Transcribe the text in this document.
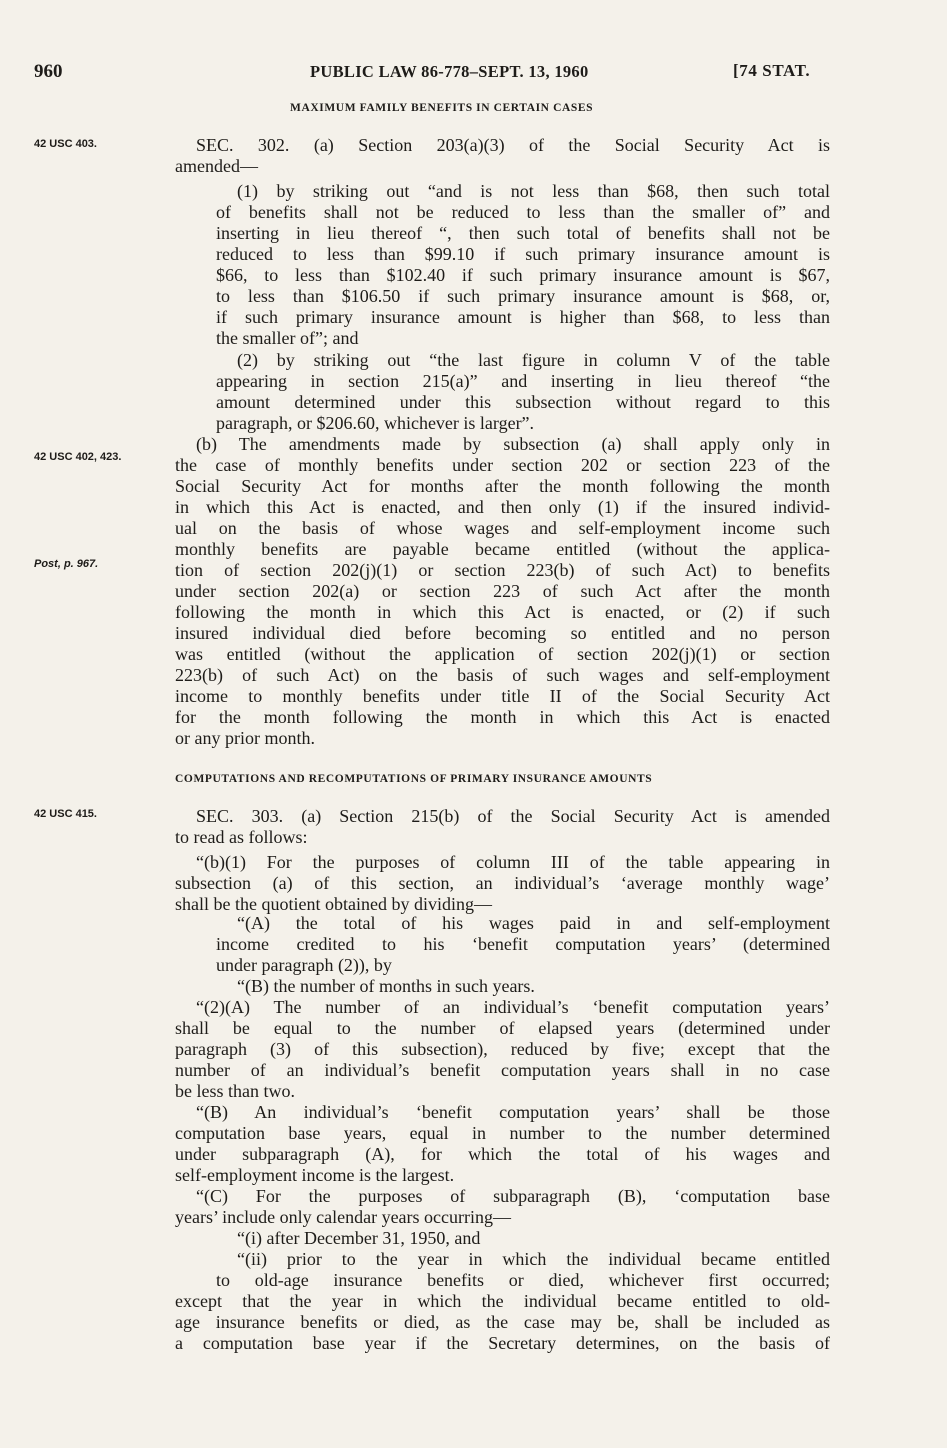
960	PUBLIC LAW 86-778–SEPT. 13, 1960	[74 STAT.
MAXIMUM FAMILY BENEFITS IN CERTAIN CASES
42 USC 403.
42 USC 402, 423.
Post, p. 967.
SEC. 302. (a) Section 203(a)(3) of the Social Security Act is
amended—
(1) by striking out “and is not less than $68, then such total
of benefits shall not be reduced to less than the smaller of” and
inserting in lieu thereof “, then such total of benefits shall not be
reduced to less than $99.10 if such primary insurance amount is
$66, to less than $102.40 if such primary insurance amount is $67,
to less than $106.50 if such primary insurance amount is $68, or,
if such primary insurance amount is higher than $68, to less than
the smaller of”; and
(2) by striking out “the last figure in column V of the table
appearing in section 215(a)” and inserting in lieu thereof “the
amount determined under this subsection without regard to this
paragraph, or $206.60, whichever is larger”.
(b) The amendments made by subsection (a) shall apply only in
the case of monthly benefits under section 202 or section 223 of the
Social Security Act for months after the month following the month
in which this Act is enacted, and then only (1) if the insured individ-
ual on the basis of whose wages and self-employment income such
monthly benefits are payable became entitled (without the applica-
tion of section 202(j)(1) or section 223(b) of such Act) to benefits
under section 202(a) or section 223 of such Act after the month
following the month in which this Act is enacted, or (2) if such
insured individual died before becoming so entitled and no person
was entitled (without the application of section 202(j)(1) or section
223(b) of such Act) on the basis of such wages and self-employment
income to monthly benefits under title II of the Social Security Act
for the month following the month in which this Act is enacted
or any prior month.
COMPUTATIONS AND RECOMPUTATIONS OF PRIMARY INSURANCE AMOUNTS
42 USC 415.	SEC. 303. (a) Section 215(b) of the Social Security Act is amended
to read as follows:
“(b)(1) For the purposes of column III of the table appearing in
subsection (a) of this section, an individual’s ‘average monthly wage’
shall be the quotient obtained by dividing—
“(A) the total of his wages paid in and self-employment
income credited to his ‘benefit computation years’ (determined
under paragraph (2)), by
“(B) the number of months in such years.
“(2)(A) The number of an individual’s ‘benefit computation years’
shall be equal to the number of elapsed years (determined under
paragraph (3) of this subsection), reduced by five; except that the
number of an individual’s benefit computation years shall in no case
be less than two.
“(B) An individual’s ‘benefit computation years’ shall be those
computation base years, equal in number to the number determined
under subparagraph (A), for which the total of his wages and
self-employment income is the largest.
“(C) For the purposes of subparagraph (B), ‘computation base
years’ include only calendar years occurring—
“(i) after December 31, 1950, and
“(ii) prior to the year in which the individual became entitled
to old-age insurance benefits or died, whichever first occurred;
except that the year in which the individual became entitled to old-
age insurance benefits or died, as the case may be, shall be included as
a computation base year if the Secretary determines, on the basis of
